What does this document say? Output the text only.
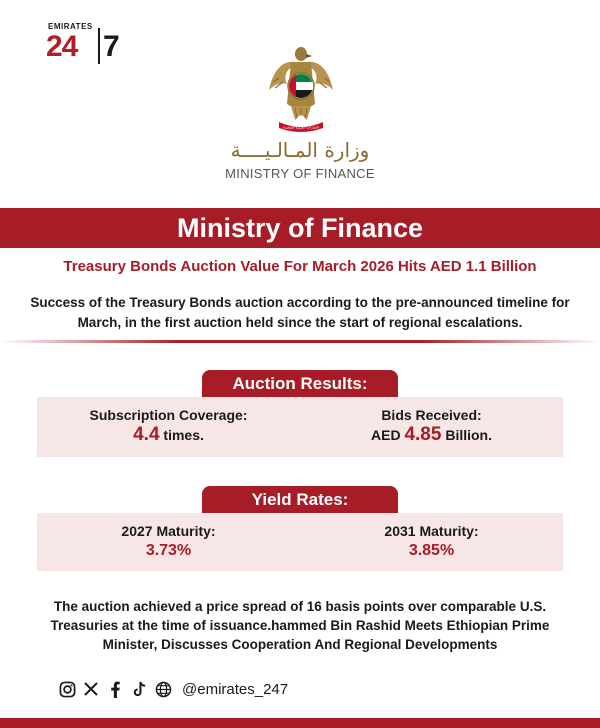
EMIRATES
24 7
الإمارات العربية المتحدة
وزارة المـالـيــــة
MINISTRY OF FINANCE
Ministry of Finance
Treasury Bonds Auction Value For March 2026 Hits AED 1.1 Billion
Success of the Treasury Bonds auction according to the pre-announced timeline for March, in the first auction held since the start of regional escalations.
Auction Results:
Subscription Coverage:
4.4 times.
Bids Received:
AED 4.85 Billion.
Yield Rates:
2027 Maturity:
3.73%
2031 Maturity:
3.85%
The auction achieved a price spread of 16 basis points over comparable U.S. Treasuries at the time of issuance.hammed Bin Rashid Meets Ethiopian Prime Minister, Discusses Cooperation And Regional Developments
@emirates_247
